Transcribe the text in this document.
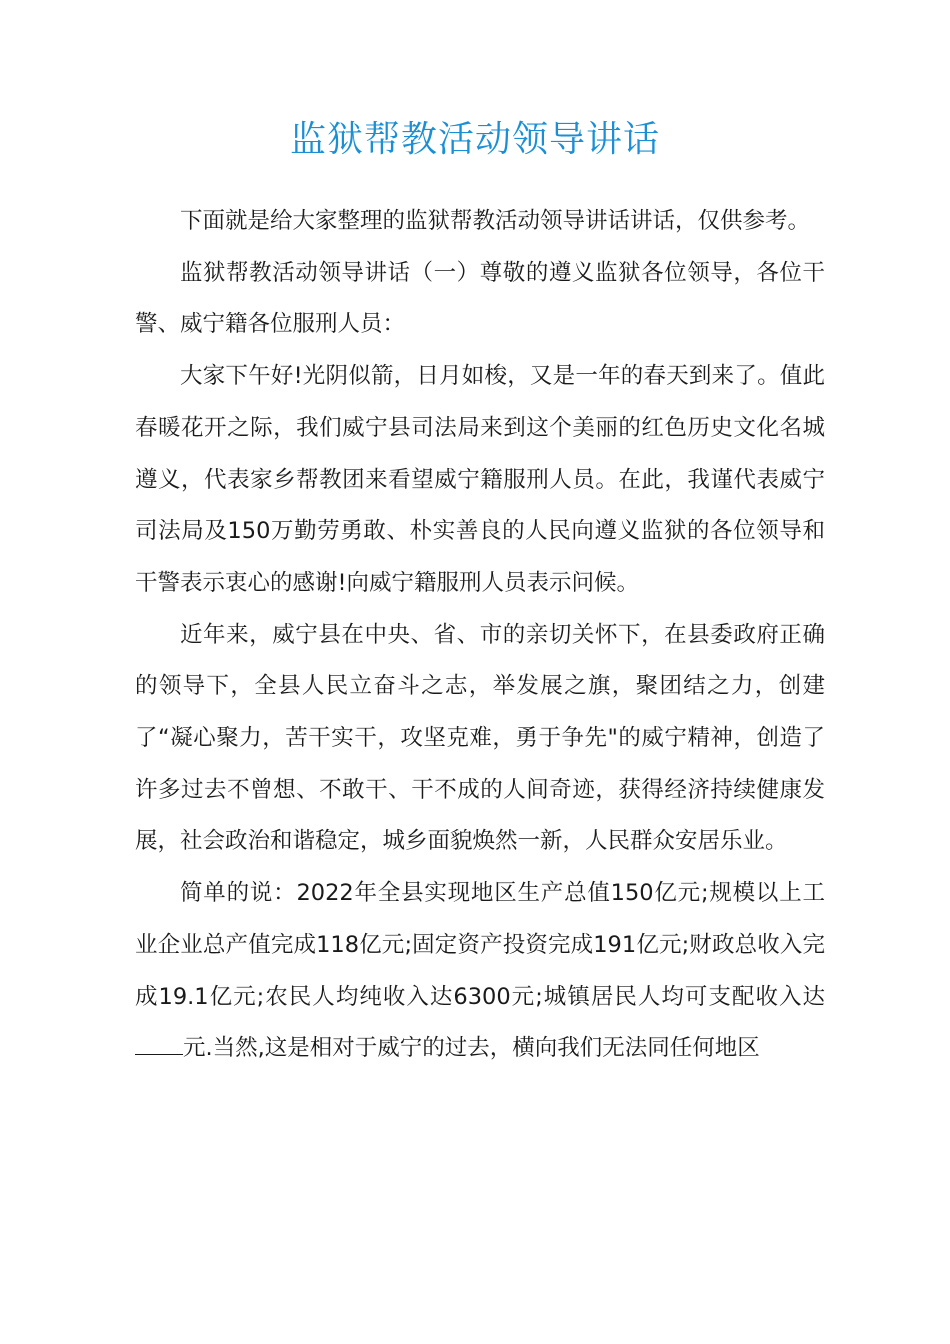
监狱帮教活动领导讲话

下面就是给大家整理的监狱帮教活动领导讲话讲话，仅供参考。

监狱帮教活动领导讲话（一）尊敬的遵义监狱各位领导，各位干警、威宁籍各位服刑人员：

大家下午好!光阴似箭，日月如梭，又是一年的春天到来了。值此春暖花开之际，我们威宁县司法局来到这个美丽的红色历史文化名城遵义，代表家乡帮教团来看望威宁籍服刑人员。在此，我谨代表威宁司法局及150万勤劳勇敢、朴实善良的人民向遵义监狱的各位领导和干警表示衷心的感谢!向威宁籍服刑人员表示问候。

近年来，威宁县在中央、省、市的亲切关怀下，在县委政府正确的领导下，全县人民立奋斗之志，举发展之旗，聚团结之力，创建了“凝心聚力，苦干实干，攻坚克难，勇于争先"的威宁精神，创造了许多过去不曾想、不敢干、干不成的人间奇迹，获得经济持续健康发展，社会政治和谐稳定，城乡面貌焕然一新，人民群众安居乐业。

简单的说：2022年全县实现地区生产总值150亿元;规模以上工业企业总产值完成118亿元;固定资产投资完成191亿元;财政总收入完成19.1亿元;农民人均纯收入达6300元;城镇居民人均可支配收入达元.当然,这是相对于威宁的过去，横向我们无法同任何地区
